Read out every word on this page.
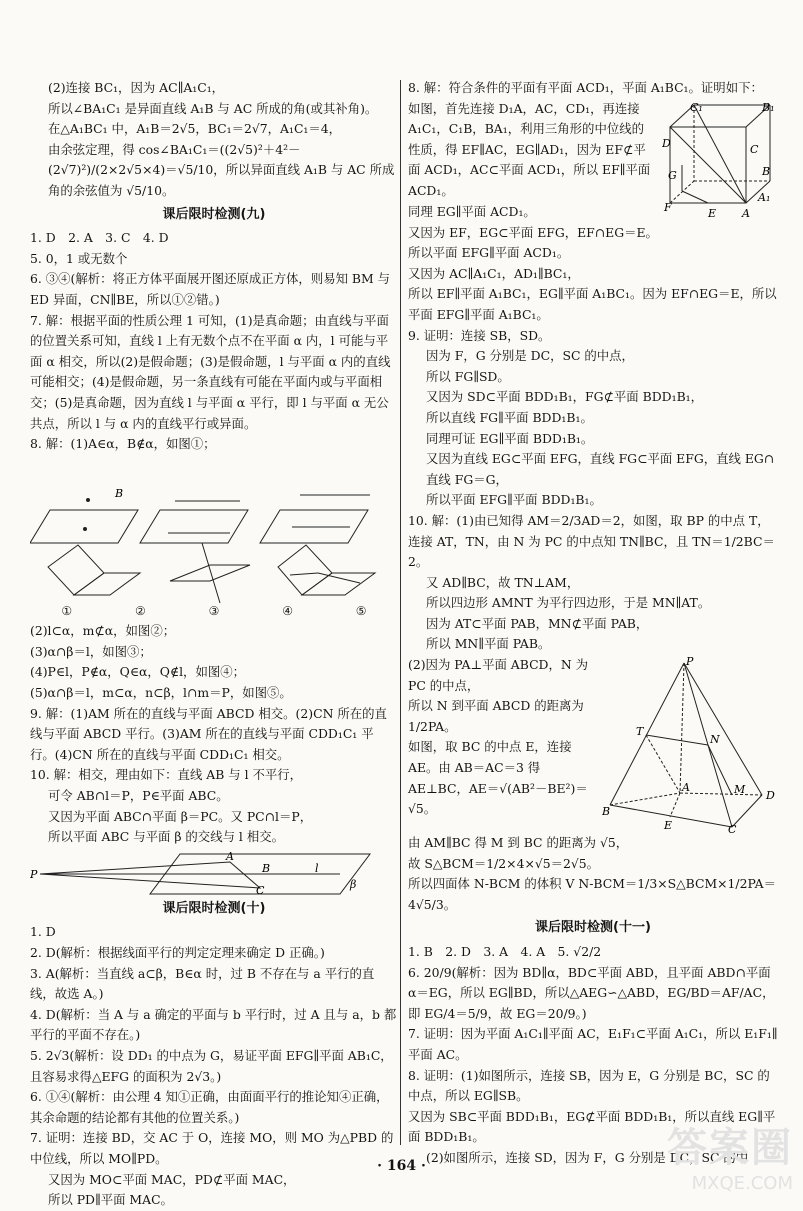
(2)连接 BC₁，因为 AC∥A₁C₁，

所以∠BA₁C₁ 是异面直线 A₁B 与 AC 所成的角(或其补角)。

在△A₁BC₁ 中，A₁B＝2√5，BC₁＝2√7，A₁C₁＝4，

由余弦定理，得 cos∠BA₁C₁＝((2√5)²＋4²－(2√7)²)/(2×2√5×4)＝√5/10，所以异面直线 A₁B 与 AC 所成角的余弦值为 √5/10。

课后限时检测(九)

1. D　2. A　3. C　4. D

5. 0，1 或无数个

6. ③④(解析：将正方体平面展开图还原成正方体，则易知 BM 与 ED 异面，CN∥BE，所以①②错。)

7. 解：根据平面的性质公理 1 可知，(1)是真命题；由直线与平面的位置关系可知，直线 l 上有无数个点不在平面 α 内，l 可能与平面 α 相交，所以(2)是假命题；(3)是假命题，l 与平面 α 内的直线可能相交；(4)是假命题，另一条直线有可能在平面内或与平面相交；(5)是真命题，因为直线 l 与平面 α 平行，即 l 与平面 α 无公共点，所以 l 与 α 内的直线平行或异面。

8. 解：(1)A∈α，B∉α，如图①；

B
①	②	③	④	⑤

(2)l⊂α，m⊄α，如图②；

(3)α∩β＝l，如图③；

(4)P∈l，P∉α，Q∈α，Q∉l，如图④；

(5)α∩β＝l，m⊂α，n⊂β，l∩m＝P，如图⑤。

9. 解：(1)AM 所在的直线与平面 ABCD 相交。(2)CN 所在的直线与平面 ABCD 平行。(3)AM 所在的直线与平面 CDD₁C₁ 平行。(4)CN 所在的直线与平面 CDD₁C₁ 相交。

10. 解：相交，理由如下：直线 AB 与 l 不平行，

可令 AB∩l＝P，P∈平面 ABC。

又因为平面 ABC∩平面 β＝PC。又 PC∩l＝P，

所以平面 ABC 与平面 β 的交线与 l 相交。

P
A
B
C
l
β
课后限时检测(十)

1. D

2. D(解析：根据线面平行的判定定理来确定 D 正确。)

3. A(解析：当直线 a⊂β，B∈α 时，过 B 不存在与 a 平行的直线，故选 A。)

4. D(解析：当 A 与 a 确定的平面与 b 平行时，过 A 且与 a，b 都平行的平面不存在。)

5. 2√3(解析：设 DD₁ 的中点为 G，易证平面 EFG∥平面 AB₁C，且容易求得△EFG 的面积为 2√3。)

6. ①④(解析：由公理 4 知①正确，由面面平行的推论知④正确，其余命题的结论都有其他的位置关系。)

7. 证明：连接 BD，交 AC 于 O，连接 MO，则 MO 为△PBD 的中位线，所以 MO∥PD。

又因为 MO⊂平面 MAC，PD⊄平面 MAC，

所以 PD∥平面 MAC。

8. 解：符合条件的平面有平面 ACD₁，平面 A₁BC₁。证明如下：

C₁	B₁
D	C
B
A₁
G
F	A
E

如图，首先连接 D₁A，AC，CD₁，再连接 A₁C₁，C₁B，BA₁，利用三角形的中位线的性质，得 EF∥AC，EG∥AD₁，因为 EF⊄平面 ACD₁，AC⊂平面 ACD₁，所以 EF∥平面 ACD₁。

同理 EG∥平面 ACD₁。

又因为 EF，EG⊂平面 EFG，EF∩EG＝E。

所以平面 EFG∥平面 ACD₁。

又因为 AC∥A₁C₁，AD₁∥BC₁，

所以 EF∥平面 A₁BC₁，EG∥平面 A₁BC₁。因为 EF∩EG＝E，所以平面 EFG∥平面 A₁BC₁。

9. 证明：连接 SB，SD。

因为 F，G 分别是 DC，SC 的中点，

所以 FG∥SD。

又因为 SD⊂平面 BDD₁B₁，FG⊄平面 BDD₁B₁，

所以直线 FG∥平面 BDD₁B₁。

同理可证 EG∥平面 BDD₁B₁。

又因为直线 EG⊂平面 EFG，直线 FG⊂平面 EFG，直线 EG∩直线 FG＝G，

所以平面 EFG∥平面 BDD₁B₁。

10. 解：(1)由已知得 AM＝2/3AD＝2，如图，取 BP 的中点 T，连接 AT，TN，由 N 为 PC 的中点知 TN∥BC，且 TN＝1/2BC＝2。

又 AD∥BC，故 TN⊥AM，

所以四边形 AMNT 为平行四边形，于是 MN∥AT。

因为 AT⊂平面 PAB，MN⊄平面 PAB，

所以 MN∥平面 PAB。

P
T
N
A
D
M
B
E	C

(2)因为 PA⊥平面 ABCD，N 为 PC 的中点，

所以 N 到平面 ABCD 的距离为 1/2PA。

如图，取 BC 的中点 E，连接 AE。由 AB＝AC＝3 得 AE⊥BC，AE＝√(AB²－BE²)＝√5。

由 AM∥BC 得 M 到 BC 的距离为 √5，

故 S△BCM＝1/2×4×√5＝2√5。

所以四面体 N-BCM 的体积 V N-BCM＝1/3×S△BCM×1/2PA＝4√5/3。

课后限时检测(十一)

1. B　2. D　3. A　4. A　5. √2/2

6. 20/9(解析：因为 BD∥α，BD⊂平面 ABD，且平面 ABD∩平面 α＝EG，所以 EG∥BD，所以△AEG∽△ABD，EG/BD＝AF/AC，即 EG/4＝5/9，故 EG＝20/9。)

7. 证明：因为平面 A₁C₁∥平面 AC，E₁F₁⊂平面 A₁C₁，所以 E₁F₁∥平面 AC。

8. 证明：(1)如图所示，连接 SB，因为 E，G 分别是 BC，SC 的中点，所以 EG∥SB。

又因为 SB⊂平面 BDD₁B₁，EG⊄平面 BDD₁B₁，所以直线 EG∥平面 BDD₁B₁。

(2)如图所示，连接 SD，因为 F，G 分别是 DC，SC 的中

· 164 ·	答案圈
MXQE.COM
